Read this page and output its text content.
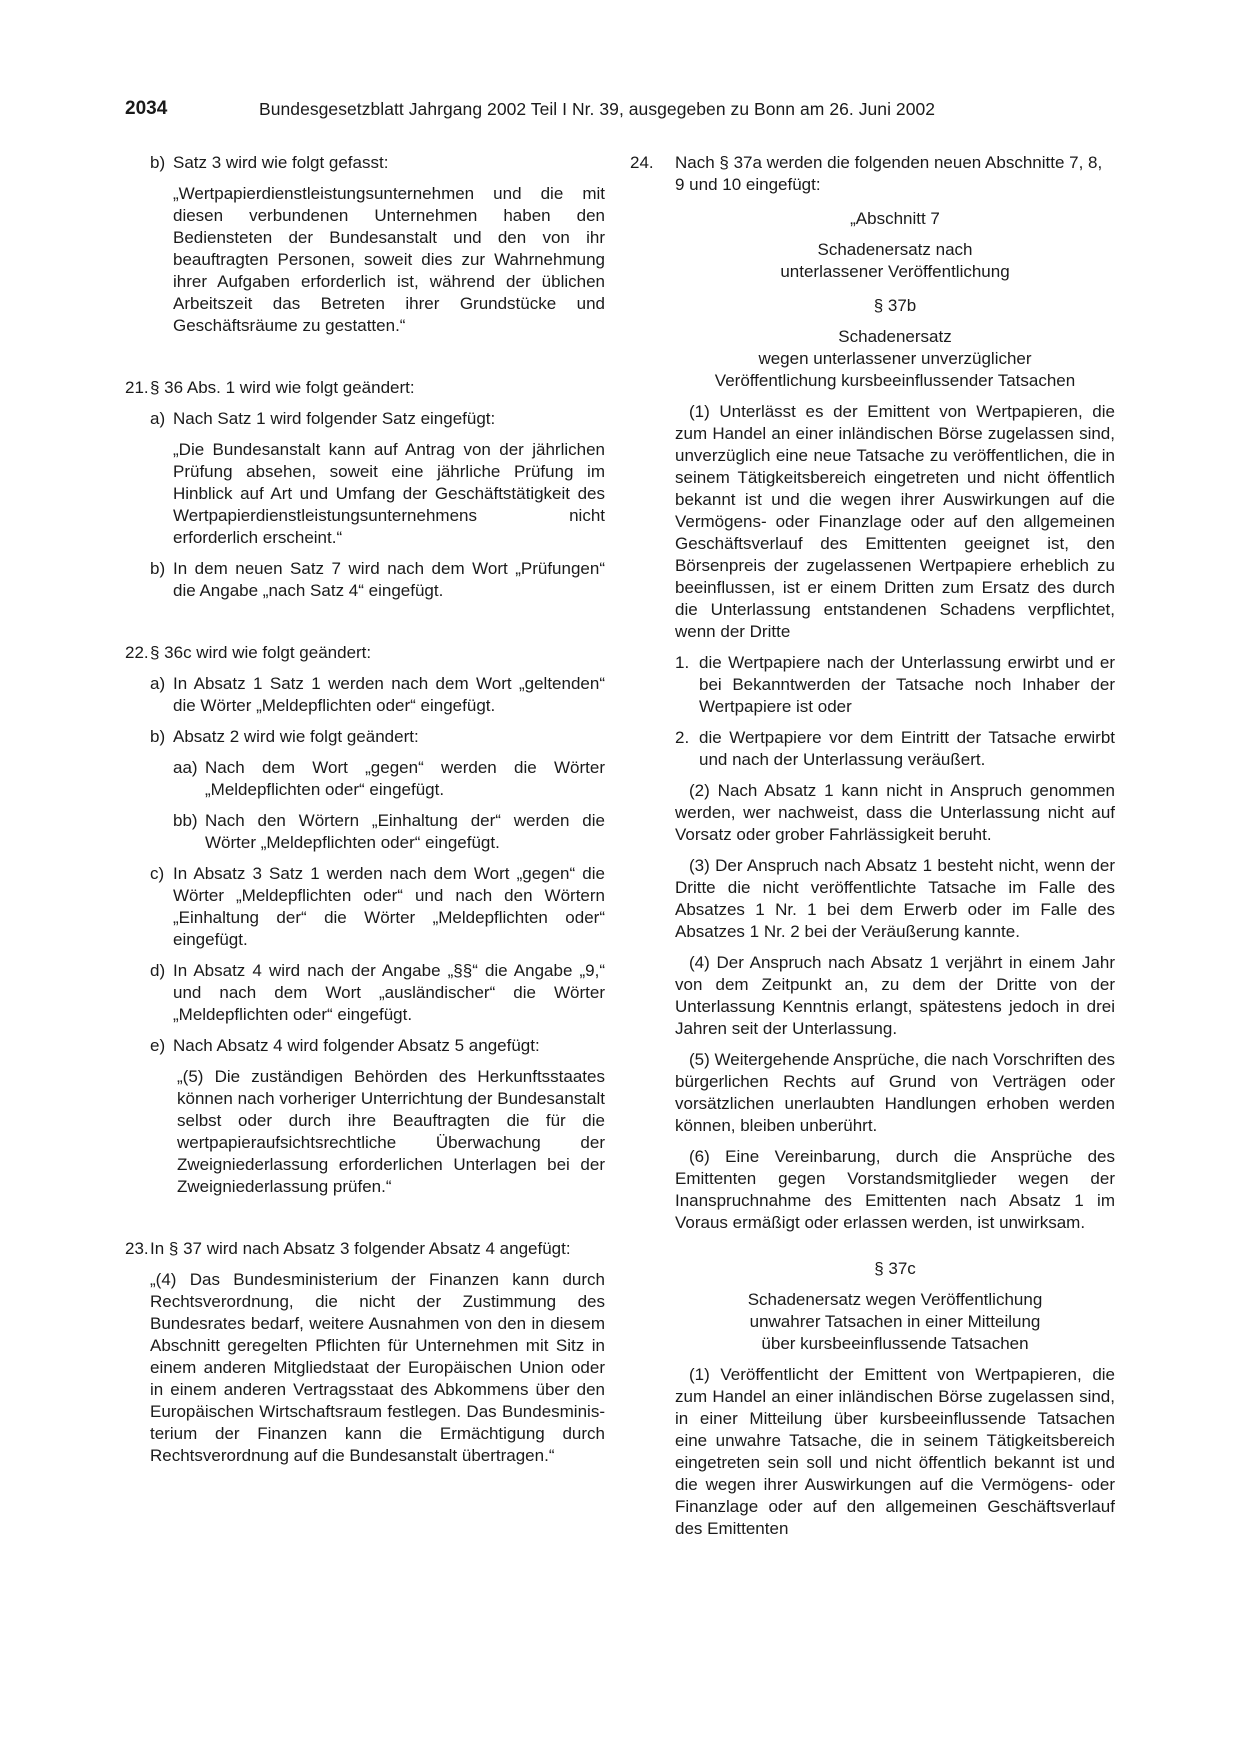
2034	Bundesgesetzblatt Jahrgang 2002 Teil I Nr. 39, ausgegeben zu Bonn am 26. Juni 2002
b) Satz 3 wird wie folgt gefasst:

„Wertpapierdienstleistungsunternehmen und die mit diesen verbundenen Unternehmen haben den Bediensteten der Bundesanstalt und den von ihr beauftragten Personen, soweit dies zur Wahrnehmung ihrer Aufgaben erforderlich ist, während der üblichen Arbeitszeit das Betreten ihrer Grundstücke und Geschäftsräume zu gestatten.“

21. § 36 Abs. 1 wird wie folgt geändert:

a) Nach Satz 1 wird folgender Satz eingefügt:

„Die Bundesanstalt kann auf Antrag von der jährlichen Prüfung absehen, soweit eine jährliche Prüfung im Hinblick auf Art und Umfang der Geschäftstätigkeit des Wertpapierdienstleistungsunternehmens nicht erforderlich erscheint.“

b) In dem neuen Satz 7 wird nach dem Wort „Prüfungen“ die Angabe „nach Satz 4“ eingefügt.

22. § 36c wird wie folgt geändert:

a) In Absatz 1 Satz 1 werden nach dem Wort „geltenden“ die Wörter „Meldepflichten oder“ eingefügt.

b) Absatz 2 wird wie folgt geändert:

aa) Nach dem Wort „gegen“ werden die Wörter „Meldepflichten oder“ eingefügt.

bb) Nach den Wörtern „Einhaltung der“ werden die Wörter „Meldepflichten oder“ eingefügt.

c) In Absatz 3 Satz 1 werden nach dem Wort „gegen“ die Wörter „Meldepflichten oder“ und nach den Wörtern „Einhaltung der“ die Wörter „Meldepflichten oder“ eingefügt.

d) In Absatz 4 wird nach der Angabe „§§“ die Angabe „9,“ und nach dem Wort „ausländischer“ die Wörter „Meldepflichten oder“ eingefügt.

e) Nach Absatz 4 wird folgender Absatz 5 angefügt:

„(5) Die zuständigen Behörden des Herkunftsstaates können nach vorheriger Unterrichtung der Bundesanstalt selbst oder durch ihre Beauftragten die für die wertpapieraufsichtsrechtliche Überwachung der Zweigniederlassung erforderlichen Unterlagen bei der Zweigniederlassung prüfen.“

23. In § 37 wird nach Absatz 3 folgender Absatz 4 angefügt:

„(4) Das Bundesministerium der Finanzen kann durch Rechtsverordnung, die nicht der Zustimmung des Bundesrates bedarf, weitere Ausnahmen von den in diesem Abschnitt geregelten Pflichten für Unternehmen mit Sitz in einem anderen Mitgliedstaat der Europäischen Union oder in einem anderen Vertragsstaat des Abkommens über den Europäischen Wirtschaftsraum festlegen. Das Bundesministerium der Finanzen kann die Ermächtigung durch Rechtsverordnung auf die Bundesanstalt übertragen.“

24. Nach § 37a werden die folgenden neuen Abschnitte 7, 8, 9 und 10 eingefügt:

„Abschnitt 7

Schadenersatz nach

unterlassener Veröffentlichung

§ 37b

Schadenersatz

wegen unterlassener unverzüglicher

Veröffentlichung kursbeeinflussender Tatsachen

(1) Unterlässt es der Emittent von Wertpapieren, die zum Handel an einer inländischen Börse zugelassen sind, unverzüglich eine neue Tatsache zu veröffentlichen, die in seinem Tätigkeitsbereich eingetreten und nicht öffentlich bekannt ist und die wegen ihrer Auswirkungen auf die Vermögens- oder Finanzlage oder auf den allgemeinen Geschäftsverlauf des Emittenten geeignet ist, den Börsenpreis der zugelassenen Wertpapiere erheblich zu beeinflussen, ist er einem Dritten zum Ersatz des durch die Unterlassung entstandenen Schadens verpflichtet, wenn der Dritte

1. die Wertpapiere nach der Unterlassung erwirbt und er bei Bekanntwerden der Tatsache noch Inhaber der Wertpapiere ist oder

2. die Wertpapiere vor dem Eintritt der Tatsache erwirbt und nach der Unterlassung veräußert.

(2) Nach Absatz 1 kann nicht in Anspruch genommen werden, wer nachweist, dass die Unterlassung nicht auf Vorsatz oder grober Fahrlässigkeit beruht.

(3) Der Anspruch nach Absatz 1 besteht nicht, wenn der Dritte die nicht veröffentlichte Tatsache im Falle des Absatzes 1 Nr. 1 bei dem Erwerb oder im Falle des Absatzes 1 Nr. 2 bei der Veräußerung kannte.

(4) Der Anspruch nach Absatz 1 verjährt in einem Jahr von dem Zeitpunkt an, zu dem der Dritte von der Unterlassung Kenntnis erlangt, spätestens jedoch in drei Jahren seit der Unterlassung.

(5) Weitergehende Ansprüche, die nach Vorschriften des bürgerlichen Rechts auf Grund von Verträgen oder vorsätzlichen unerlaubten Handlungen erhoben werden können, bleiben unberührt.

(6) Eine Vereinbarung, durch die Ansprüche des Emittenten gegen Vorstandsmitglieder wegen der Inanspruchnahme des Emittenten nach Absatz 1 im Voraus ermäßigt oder erlassen werden, ist unwirksam.

§ 37c

Schadenersatz wegen Veröffentlichung

unwahrer Tatsachen in einer Mitteilung

über kursbeeinflussende Tatsachen

(1) Veröffentlicht der Emittent von Wertpapieren, die zum Handel an einer inländischen Börse zugelassen sind, in einer Mitteilung über kursbeeinflussende Tatsachen eine unwahre Tatsache, die in seinem Tätigkeitsbereich eingetreten sein soll und nicht öffentlich bekannt ist und die wegen ihrer Auswirkungen auf die Vermögens- oder Finanzlage oder auf den allgemeinen Geschäftsverlauf des Emittenten
